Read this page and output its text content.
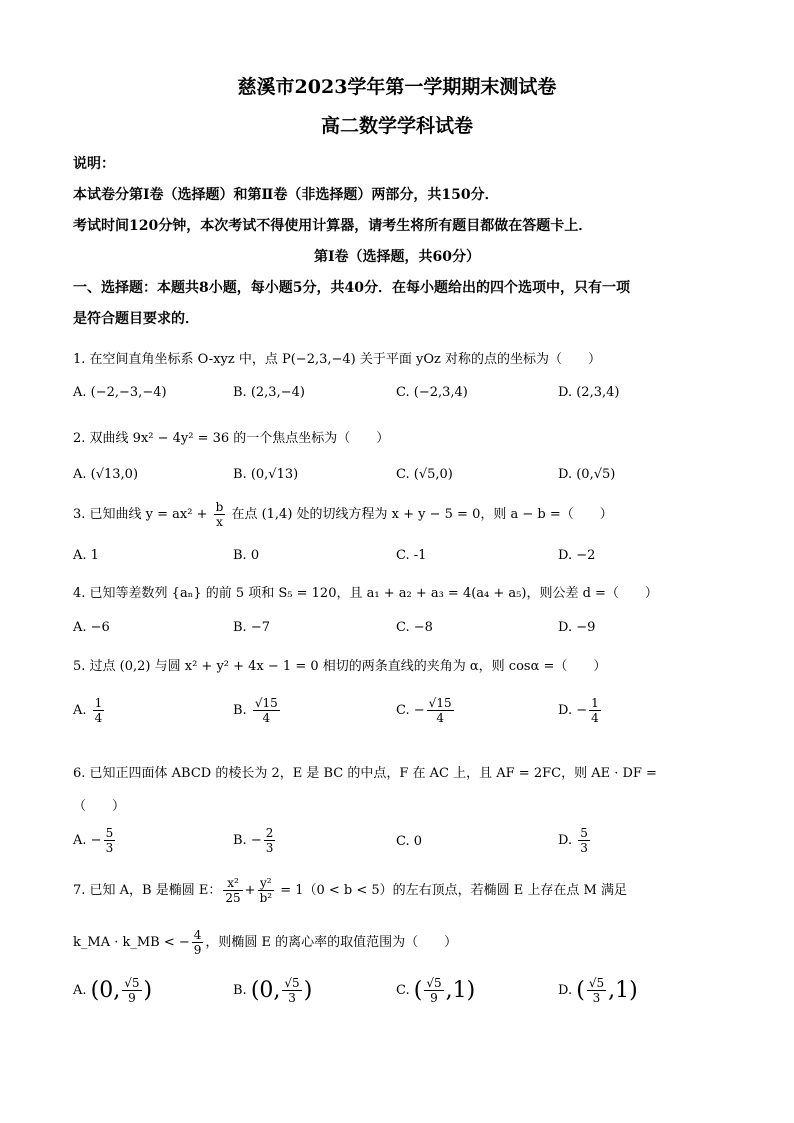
慈溪市2023学年第一学期期末测试卷
高二数学学科试卷
说明：
本试卷分第Ⅰ卷（选择题）和第Ⅱ卷（非选择题）两部分，共150分．
考试时间120分钟，本次考试不得使用计算器，请考生将所有题目都做在答题卡上．
第Ⅰ卷（选择题，共60分）
一、选择题：本题共8小题，每小题5分，共40分．在每小题给出的四个选项中，只有一项
是符合题目要求的．
1. 在空间直角坐标系 O-xyz 中，点 P(−2,3,−4) 关于平面 yOz 对称的点的坐标为（　　）
A. (−2,−3,−4)	B. (2,3,−4)	C. (−2,3,4)	D. (2,3,4)
2. 双曲线 9x² − 4y² = 36 的一个焦点坐标为（　　）
A. (√13,0)	B. (0,√13)	C. (√5,0)	D. (0,√5)
3. 已知曲线 $y = ax^2 + \frac{b}{x}$ 在点 (1,4) 处的切线方程为 x + y − 5 = 0，则 a − b =（　　）
A. 1	B. 0	C. -1	D. −2
4. 已知等差数列 {aₙ} 的前 5 项和 S₅ = 120，且 a₁ + a₂ + a₃ = 4(a₄ + a₅)，则公差 d =（　　）
A. −6	B. −7	C. −8	D. −9
5. 过点 (0,2) 与圆 x² + y² + 4x − 1 = 0 相切的两条直线的夹角为 α，则 cosα =（　　）
A. $\frac{1}{4}$	B. $\frac{√15}{4}$	C. − $\frac{√15}{4}$	D. − $\frac{1}{4}$
6. 已知正四面体 ABCD 的棱长为 2，E 是 BC 的中点，F 在 AC 上，且 AF = 2FC，则 AE · DF =
（　　）
A. − $\frac{5}{3}$	B. − $\frac{2}{3}$	C. 0	D. $\frac{5}{3}$
7. 已知 A，B 是椭圆 E： $\frac{\text{x²}}{25} + \frac{\text{y²}}{\text{b²}} = 1(0 < b < 5)$的左右顶点，若椭圆 E 上存在点 M 满足
k_MA · k_MB < − $\frac{4}{9}$ ，则椭圆 E 的离心率的取值范围为（　　）
A. (0, $\frac{√5}{9}$ )	B. (0, $\frac{√5}{3}$ )	C. ( $\frac{√5}{9} ,1$)	D. ( $\frac{√5}{3} ,1$)
